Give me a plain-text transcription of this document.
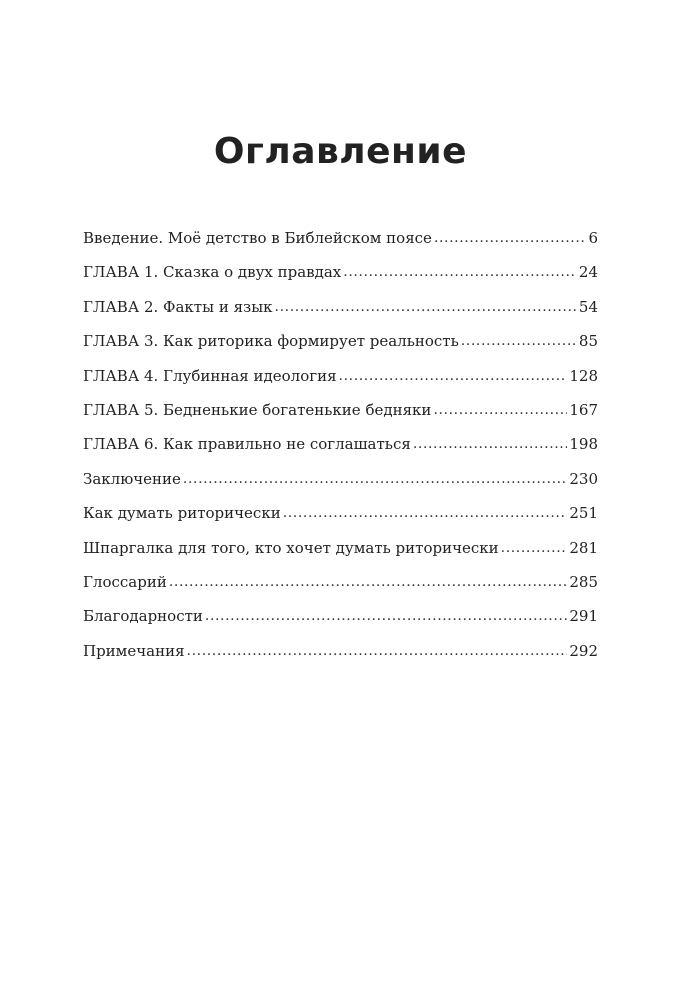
Оглавление
Введение. Моё детство в Библейском поясе .....	6
ГЛАВА 1. Сказка о двух правдах .....	24
ГЛАВА 2. Факты и язык .....	54
ГЛАВА 3. Как риторика формирует реальность .....	85
ГЛАВА 4. Глубинная идеология .....	128
ГЛАВА 5. Бедненькие богатенькие бедняки .....	167
ГЛАВА 6. Как правильно не соглашаться .....	198
Заключение .....	230
Как думать риторически .....	251
Шпаргалка для того, кто хочет думать риторически .....	281
Глоссарий .....	285
Благодарности .....	291
Примечания .....	292
